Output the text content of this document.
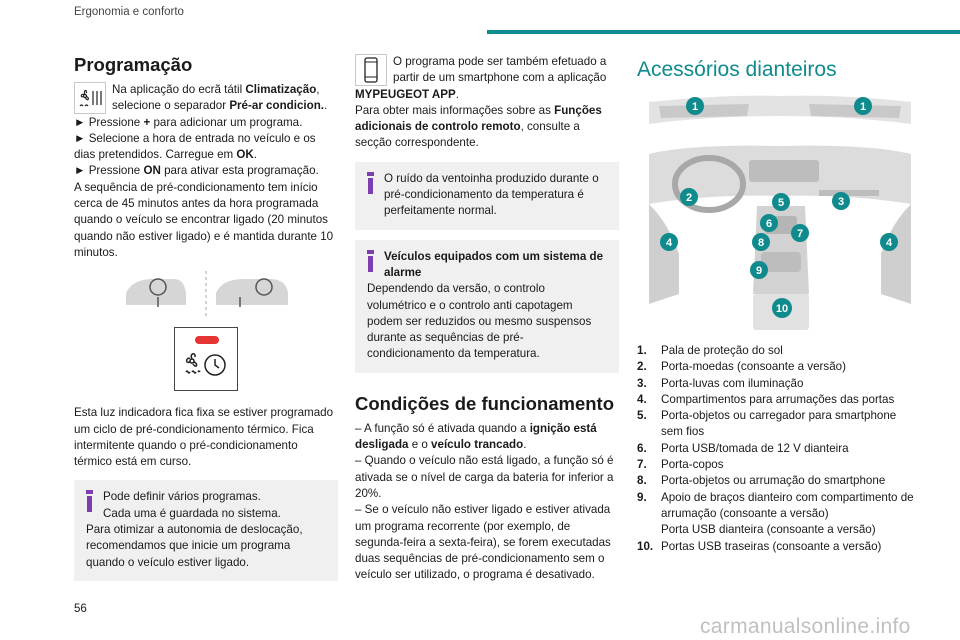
Ergonomia e conforto
Programação

Na aplicação do ecrã tátil Climatização, selecione o separador Pré-ar condicion..

► Pressione + para adicionar um programa.

► Selecione a hora de entrada no veículo e os dias pretendidos. Carregue em OK.

► Pressione ON para ativar esta programação.

A sequência de pré-condicionamento tem início cerca de 45 minutos antes da hora programada quando o veículo se encontrar ligado (20 minutos quando não estiver ligado) e é mantida durante 10 minutos.

Esta luz indicadora fica fixa se estiver programado um ciclo de pré-condicionamento térmico. Fica intermitente quando o pré-condicionamento térmico está em curso.

Pode definir vários programas.
Cada uma é guardada no sistema.

Para otimizar a autonomia de deslocação, recomendamos que inicie um programa quando o veículo estiver ligado.

O programa pode ser também efetuado a partir de um smartphone com a aplicação

MYPEUGEOT APP.
Para obter mais informações sobre as Funções adicionais de controlo remoto, consulte a secção correspondente.

O ruído da ventoinha produzido durante o pré-condicionamento da temperatura é perfeitamente normal.

Veículos equipados com um sistema de alarme

Dependendo da versão, o controlo volumétrico e o controlo anti capotagem podem ser reduzidos ou mesmo suspensos durante as sequências de pré-condicionamento da temperatura.

Condições de funcionamento

– A função só é ativada quando a ignição está desligada e o veículo trancado.

– Quando o veículo não está ligado, a função só é ativada se o nível de carga da bateria for inferior a 20%.

– Se o veículo não estiver ligado e estiver ativada um programa recorrente (por exemplo, de segunda-feira a sexta-feira), se forem executadas duas sequências de pré-condicionamento sem o veículo ser utilizado, o programa é desativado.

Acessórios dianteiros
1	1
2	5	3
6
7
4	8	4
9
10
1.	Pala de proteção do sol
2.	Porta-moedas (consoante a versão)
3.	Porta-luvas com iluminação
4.	Compartimentos para arrumações das portas
5.	Porta-objetos ou carregador para smartphone sem fios
6.	Porta USB/tomada de 12 V dianteira
7.	Porta-copos
8.	Porta-objetos ou arrumação do smartphone
9.	Apoio de braços dianteiro com compartimento de arrumação (consoante a versão)
Porta USB dianteira (consoante a versão)
10. Portas USB traseiras (consoante a versão)
56
carmanualsonline.info
